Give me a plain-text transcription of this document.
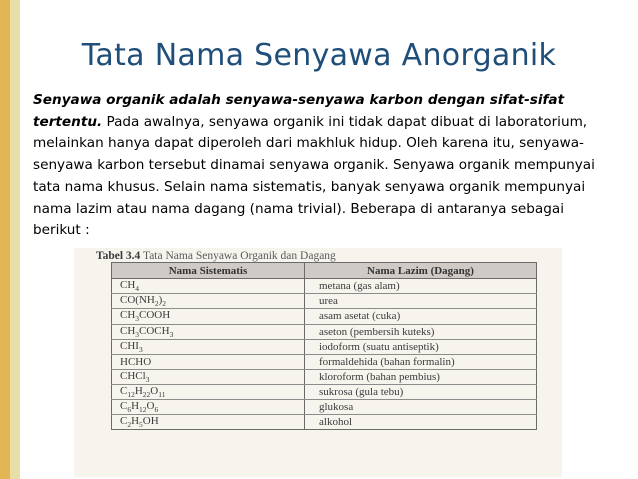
Tata Nama Senyawa Anorganik
Senyawa organik adalah senyawa-senyawa karbon dengan sifat-sifat tertentu. Pada awalnya, senyawa organik ini tidak dapat dibuat di laboratorium, melainkan hanya dapat diperoleh dari makhluk hidup. Oleh karena itu, senyawa-senyawa karbon tersebut dinamai senyawa organik. Senyawa organik mempunyai tata nama khusus. Selain nama sistematis, banyak senyawa organik mempunyai nama lazim atau nama dagang (nama trivial). Beberapa di antaranya sebagai berikut :
Tabel 3.4 Tata Nama Senyawa Organik dan Dagang
Nama Sistematis	Nama Lazim (Dagang)
$CH_4$	metana (gas alam)
$CO(NH_2)_2$	urea
$CH_3COOH$	asam asetat (cuka)
$CH_3COCH_3$	aseton (pembersih kuteks)
$CHI_3$	iodoform (suatu antiseptik)
HCHO	formaldehida (bahan formalin)
CHCl$_3$	kloroform (bahan pembius)
$C_{12}H_{22}O_{11}$	sukrosa (gula tebu)
$C_6H_{12}O_6$	glukosa
$C_2H_5OH$	alkohol
